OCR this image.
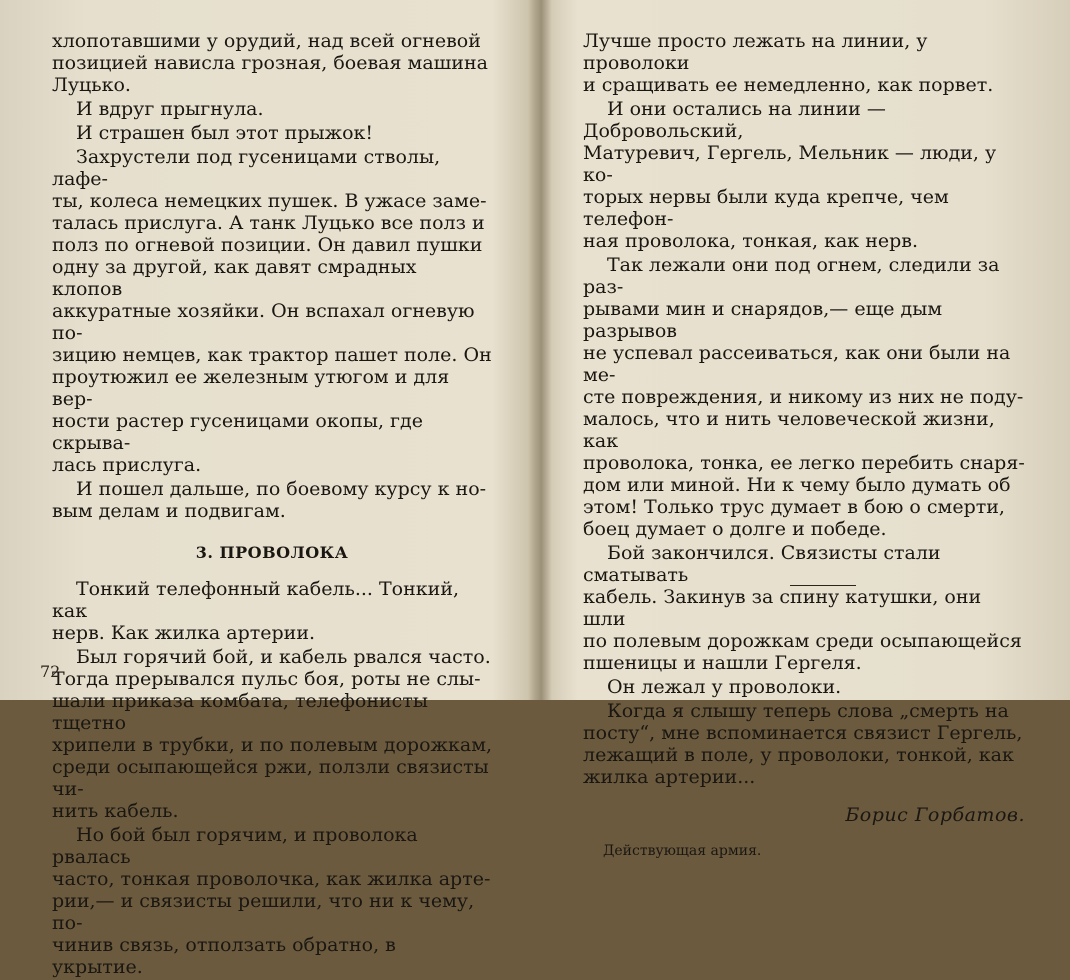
хлопотавшими у орудий, над всей огневой
позицией нависла грозная, боевая машина
Луцько.

И вдруг прыгнула.

И страшен был этот прыжок!

Захрустели под гусеницами стволы, лафе-
ты, колеса немецких пушек. В ужасе заме-
талась прислуга. А танк Луцько все полз и
полз по огневой позиции. Он давил пушки
одну за другой, как давят смрадных клопов
аккуратные хозяйки. Он вспахал огневую по-
зицию немцев, как трактор пашет поле. Он
проутюжил ее железным утюгом и для вер-
ности растер гусеницами окопы, где скрыва-
лась прислуга.

И пошел дальше, по боевому курсу к но-
вым делам и подвигам.

3. ПРОВОЛОКА

Тонкий телефонный кабель... Тонкий, как
нерв. Как жилка артерии.

Был горячий бой, и кабель рвался часто.
Тогда прерывался пульс боя, роты не слы-
шали приказа комбата, телефонисты тщетно
хрипели в трубки, и по полевым дорожкам,
среди осыпающейся ржи, ползли связисты чи-
нить кабель.

Но бой был горячим, и проволока рвалась
часто, тонкая проволочка, как жилка арте-
рии,— и связисты решили, что ни к чему, по-
чинив связь, отползать обратно, в укрытие.

72

Лучше просто лежать на линии, у проволоки
и сращивать ее немедленно, как порвет.

И они остались на линии — Добровольский,
Матуревич, Гергель, Мельник — люди, у ко-
торых нервы были куда крепче, чем телефон-
ная проволока, тонкая, как нерв.

Так лежали они под огнем, следили за раз-
рывами мин и снарядов,— еще дым разрывов
не успевал рассеиваться, как они были на ме-
сте повреждения, и никому из них не поду-
малось, что и нить человеческой жизни, как
проволока, тонка, ее легко перебить снаря-
дом или миной. Ни к чему было думать об
этом! Только трус думает в бою о смерти,
боец думает о долге и победе.

Бой закончился. Связисты стали сматывать
кабель. Закинув за спину катушки, они шли
по полевым дорожкам среди осыпающейся
пшеницы и нашли Гергеля.

Он лежал у проволоки.

Когда я слышу теперь слова „смерть на
посту“, мне вспоминается связист Гергель,
лежащий в поле, у проволоки, тонкой, как
жилка артерии...

Борис Горбатов.
Действующая армия.
